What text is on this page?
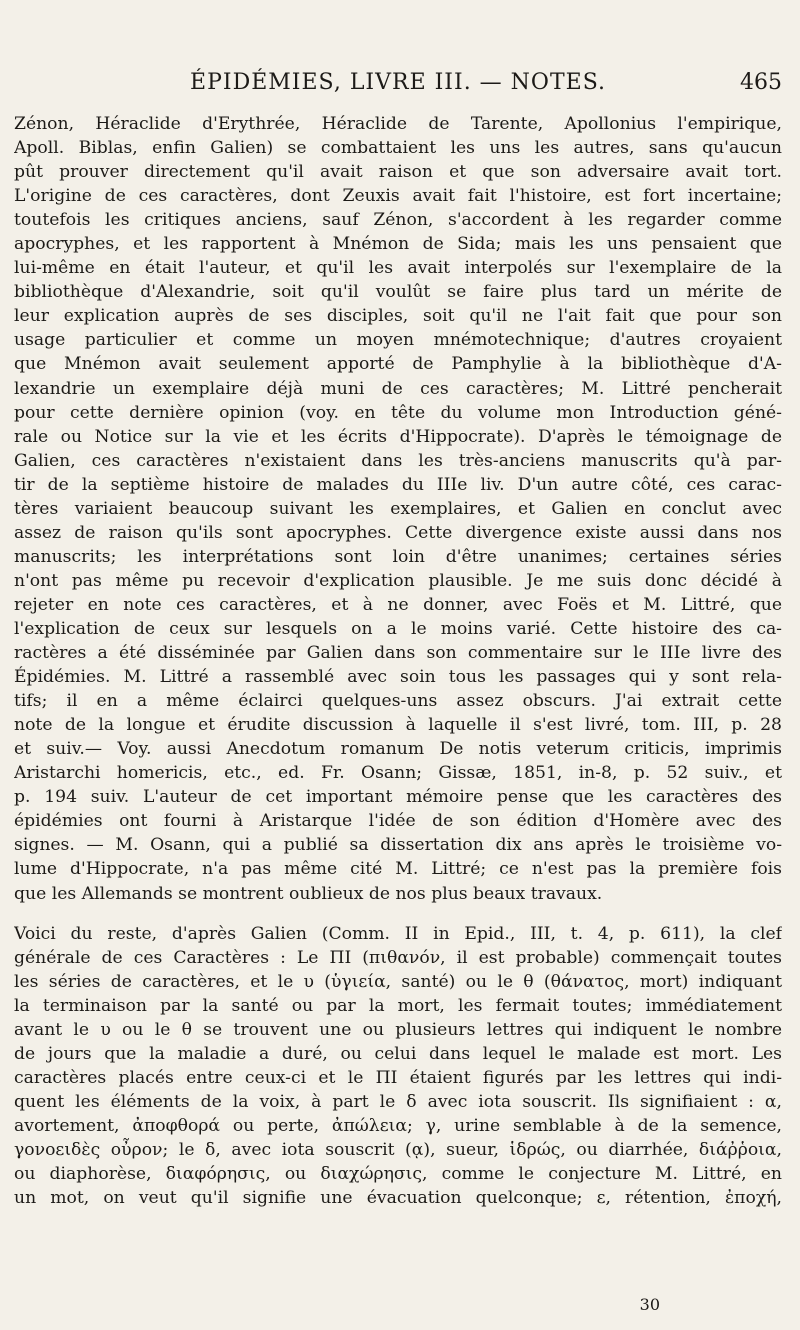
ÉPIDÉMIES, LIVRE III. — NOTES.	465
Zénon, Héraclide d'Erythrée, Héraclide de Tarente, Apollonius l'empirique,
Apoll. Biblas, enfin Galien) se combattaient les uns les autres, sans qu'aucun
pût prouver directement qu'il avait raison et que son adversaire avait tort.
L'origine de ces caractères, dont Zeuxis avait fait l'histoire, est fort incertaine;
toutefois les critiques anciens, sauf Zénon, s'accordent à les regarder comme
apocryphes, et les rapportent à Mnémon de Sida; mais les uns pensaient que
lui-même en était l'auteur, et qu'il les avait interpolés sur l'exemplaire de la
bibliothèque d'Alexandrie, soit qu'il voulût se faire plus tard un mérite de
leur explication auprès de ses disciples, soit qu'il ne l'ait fait que pour son
usage particulier et comme un moyen mnémotechnique; d'autres croyaient
que Mnémon avait seulement apporté de Pamphylie à la bibliothèque d'A-
lexandrie un exemplaire déjà muni de ces caractères; M. Littré pencherait
pour cette dernière opinion (voy. en tête du volume mon Introduction géné-
rale ou Notice sur la vie et les écrits d'Hippocrate). D'après le témoignage de
Galien, ces caractères n'existaient dans les très-anciens manuscrits qu'à par-
tir de la septième histoire de malades du IIIe liv. D'un autre côté, ces carac-
tères variaient beaucoup suivant les exemplaires, et Galien en conclut avec
assez de raison qu'ils sont apocryphes. Cette divergence existe aussi dans nos
manuscrits; les interprétations sont loin d'être unanimes; certaines séries
n'ont pas même pu recevoir d'explication plausible. Je me suis donc décidé à
rejeter en note ces caractères, et à ne donner, avec Foës et M. Littré, que
l'explication de ceux sur lesquels on a le moins varié. Cette histoire des ca-
ractères a été disséminée par Galien dans son commentaire sur le IIIe livre des
Épidémies. M. Littré a rassemblé avec soin tous les passages qui y sont rela-
tifs; il en a même éclairci quelques-uns assez obscurs. J'ai extrait cette
note de la longue et érudite discussion à laquelle il s'est livré, tom. III, p. 28
et suiv.— Voy. aussi Anecdotum romanum De notis veterum criticis, imprimis
Aristarchi homericis, etc., ed. Fr. Osann; Gissæ, 1851, in-8, p. 52 suiv., et
p. 194 suiv. L'auteur de cet important mémoire pense que les caractères des
épidémies ont fourni à Aristarque l'idée de son édition d'Homère avec des
signes. — M. Osann, qui a publié sa dissertation dix ans après le troisième vo-
lume d'Hippocrate, n'a pas même cité M. Littré; ce n'est pas la première fois
que les Allemands se montrent oublieux de nos plus beaux travaux.
Voici du reste, d'après Galien (Comm. II in Epid., III, t. 4, p. 611), la clef
générale de ces Caractères : Le ΠΙ (πιθανόν, il est probable) commençait toutes
les séries de caractères, et le υ (ὑγιεία, santé) ou le θ (θάνατος, mort) indiquant
la terminaison par la santé ou par la mort, les fermait toutes; immédiatement
avant le υ ou le θ se trouvent une ou plusieurs lettres qui indiquent le nombre
de jours que la maladie a duré, ou celui dans lequel le malade est mort. Les
caractères placés entre ceux-ci et le ΠΙ étaient figurés par les lettres qui indi-
quent les éléments de la voix, à part le δ avec iota souscrit. Ils signifiaient : α,
avortement, ἀποφθορά ou perte, ἀπώλεια; γ, urine semblable à de la semence,
γονοειδὲς οὖρον; le δ, avec iota souscrit (ᾳ), sueur, ἱδρώς, ou diarrhée, διάῤῥοια,
ou diaphorèse, διαφόρησις, ou διαχώρησις, comme le conjecture M. Littré, en
un mot, on veut qu'il signifie une évacuation quelconque; ε, rétention, ἐποχή,
30
